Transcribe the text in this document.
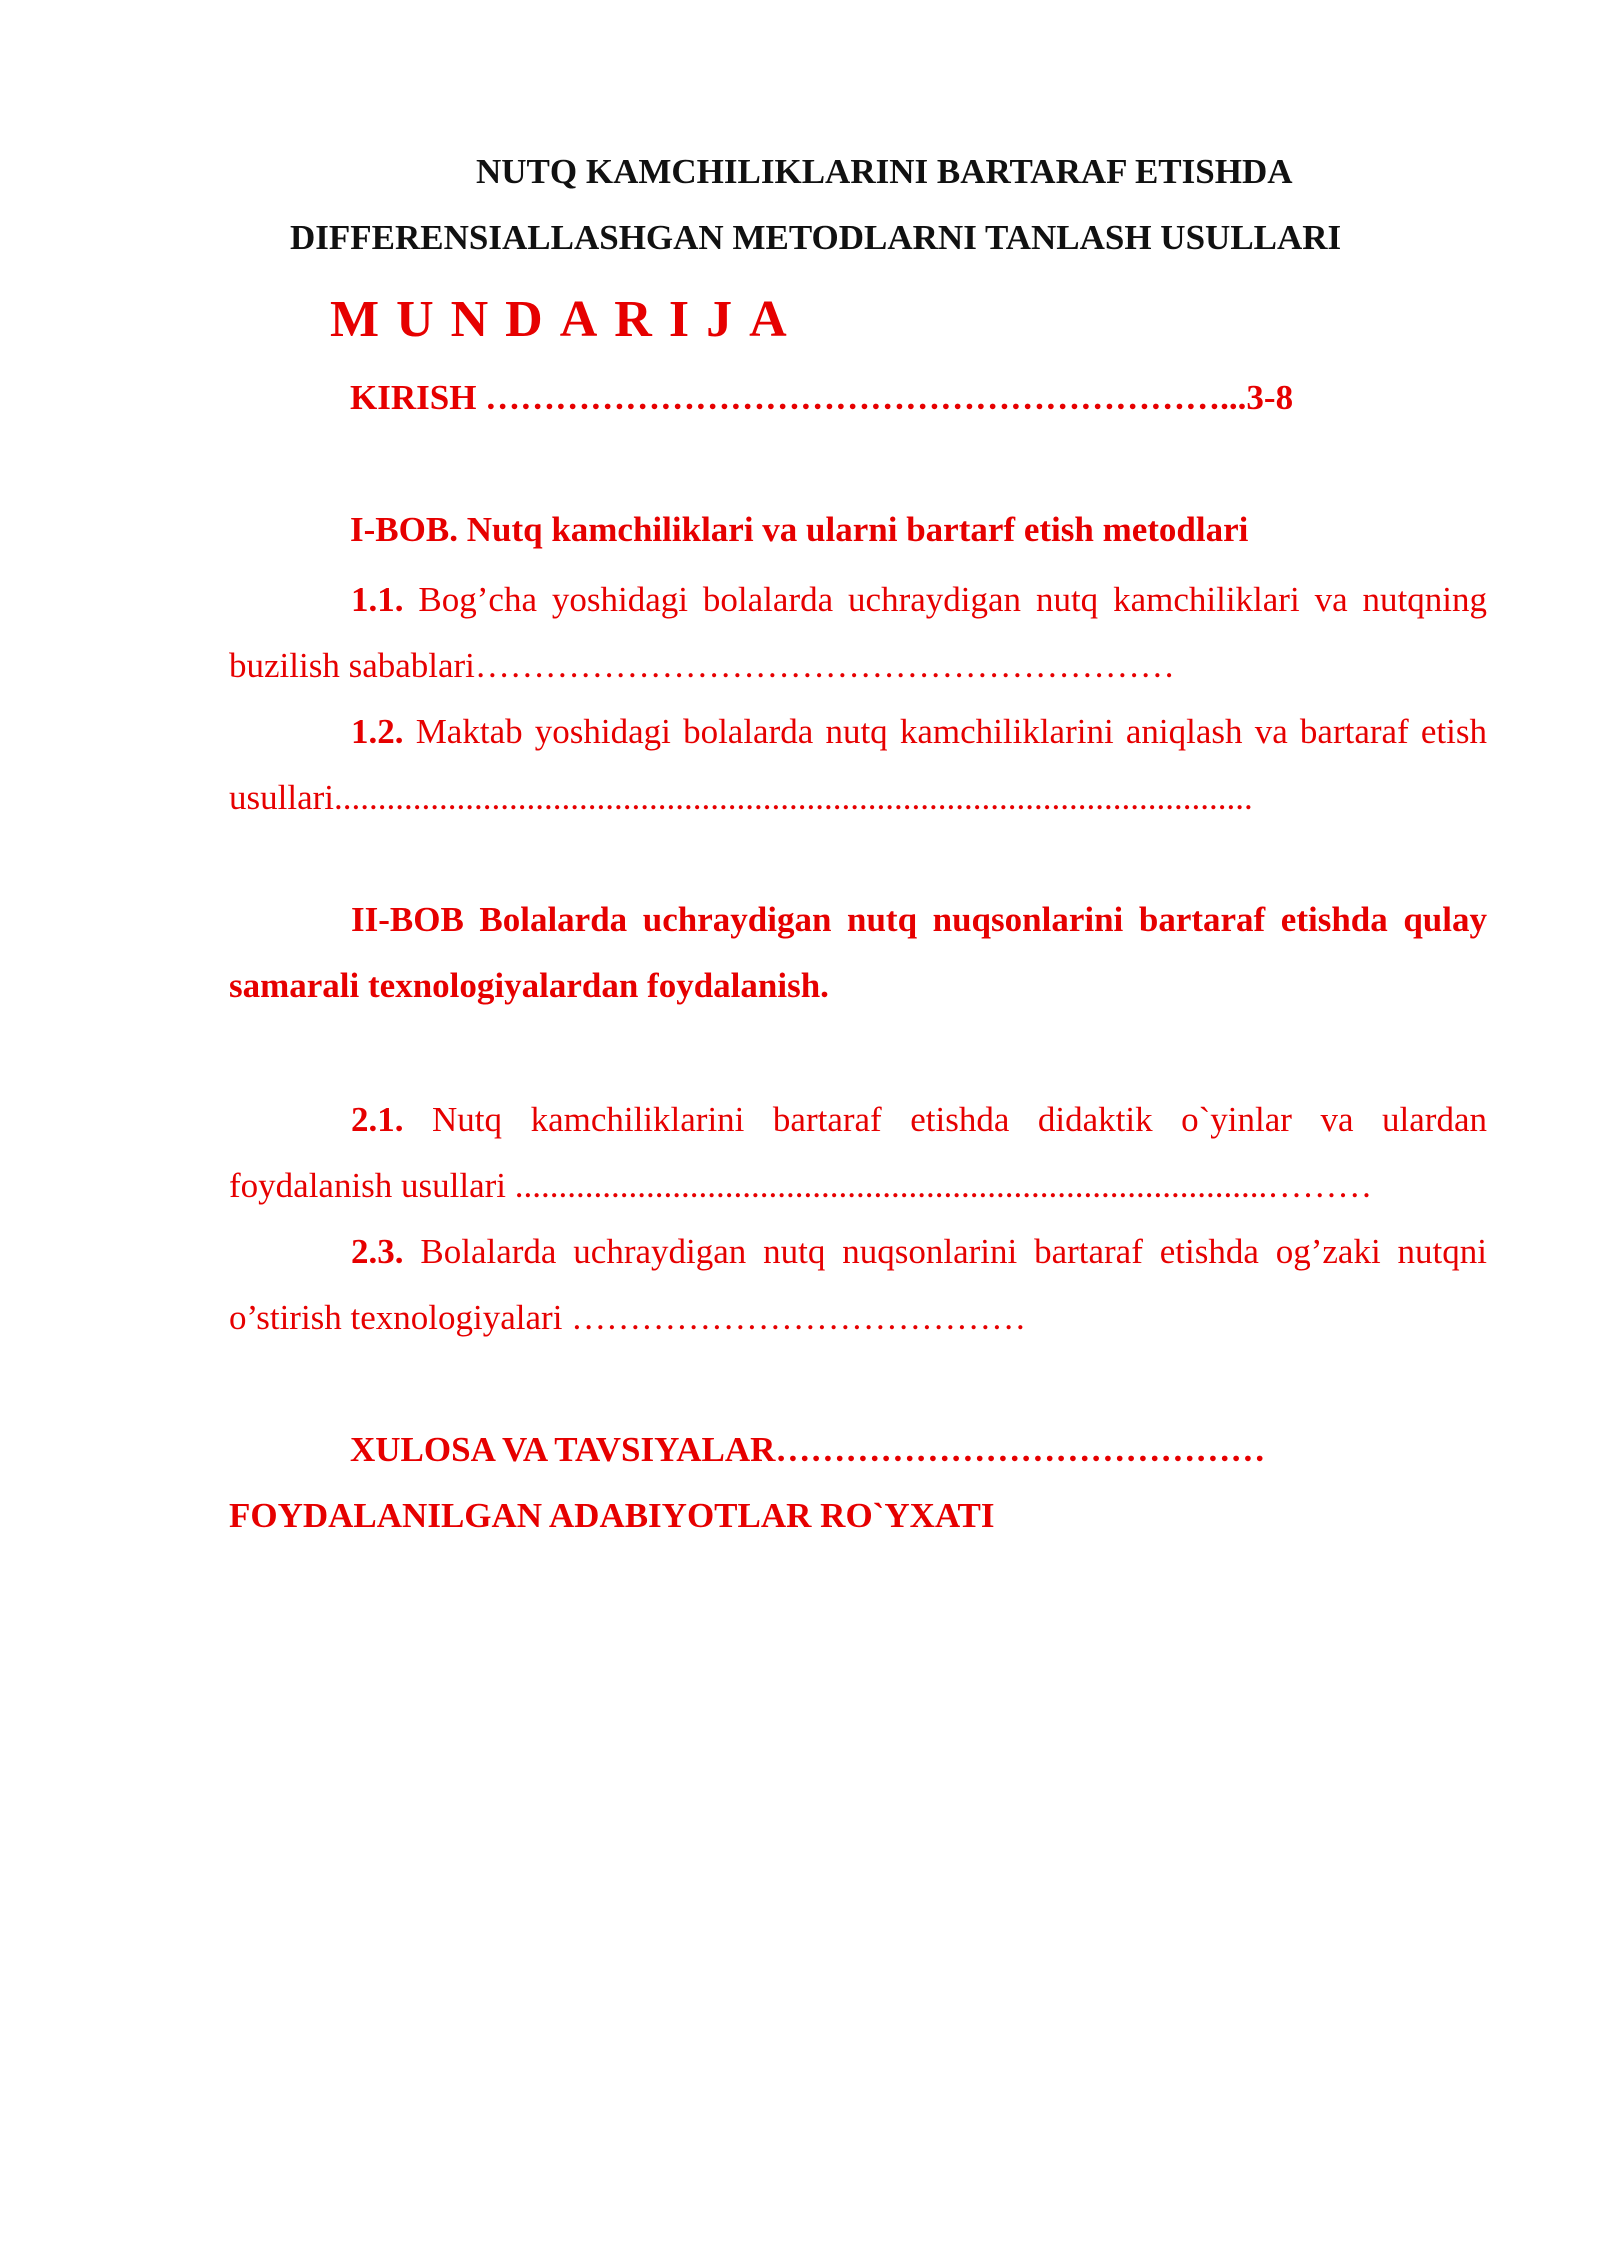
NUTQ KAMCHILIKLARINI BARTARAF ETISHDA
DIFFERENSIALLASHGAN METODLARNI TANLASH USULLARI
MUNDARIJA
KIRISH ………………………………………………………...3-8
I-BOB. Nutq kamchiliklari va ularni bartarf etish metodlari
1.1. Bog’cha yoshidagi bolalarda uchraydigan nutq kamchiliklari va nutqning buzilish sabablari……………………………………………………
1.2. Maktab yoshidagi bolalarda nutq kamchiliklarini aniqlash va bartaraf etish usullari.........................................................................................................
II-BOB Bolalarda uchraydigan nutq nuqsonlarini bartaraf etishda qulay samarali texnologiyalardan foydalanish.
2.1. Nutq kamchiliklarini bartaraf etishda didaktik o`yinlar va ulardan foydalanish usullari ......................................................................................………
2.3. Bolalarda uchraydigan nutq nuqsonlarini bartaraf etishda og’zaki nutqni o’stirish texnologiyalari …………………………………
XULOSA VA TAVSIYALAR……………………………………
FOYDALANILGAN ADABIYOTLAR RO`YXATI
